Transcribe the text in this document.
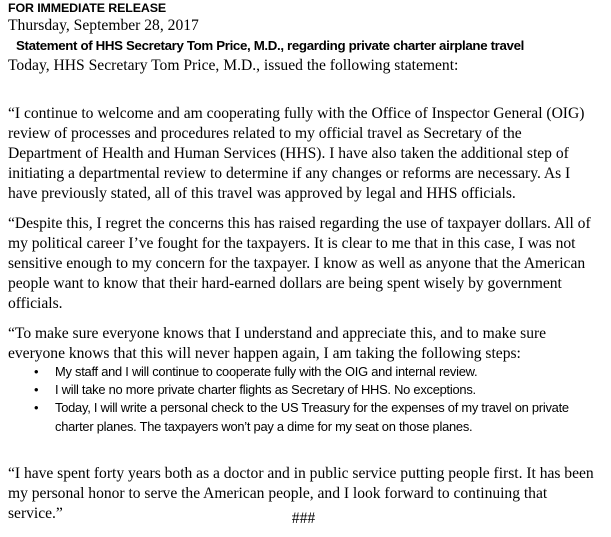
FOR IMMEDIATE RELEASE
Thursday, September 28, 2017
Statement of HHS Secretary Tom Price, M.D., regarding private charter airplane travel
Today, HHS Secretary Tom Price, M.D., issued the following statement:

“I continue to welcome and am cooperating fully with the Office of Inspector General (OIG) review of processes and procedures related to my official travel as Secretary of the Department of Health and Human Services (HHS). I have also taken the additional step of initiating a departmental review to determine if any changes or reforms are necessary. As I have previously stated, all of this travel was approved by legal and HHS officials.

“Despite this, I regret the concerns this has raised regarding the use of taxpayer dollars. All of my political career I’ve fought for the taxpayers. It is clear to me that in this case, I was not sensitive enough to my concern for the taxpayer. I know as well as anyone that the American people want to know that their hard-earned dollars are being spent wisely by government officials.

“To make sure everyone knows that I understand and appreciate this, and to make sure everyone knows that this will never happen again, I am taking the following steps:

• My staff and I will continue to cooperate fully with the OIG and internal review.
• I will take no more private charter flights as Secretary of HHS. No exceptions.
• Today, I will write a personal check to the US Treasury for the expenses of my travel on private charter planes. The taxpayers won’t pay a dime for my seat on those planes.

“I have spent forty years both as a doctor and in public service putting people first. It has been my personal honor to serve the American people, and I look forward to continuing that service.”	###
